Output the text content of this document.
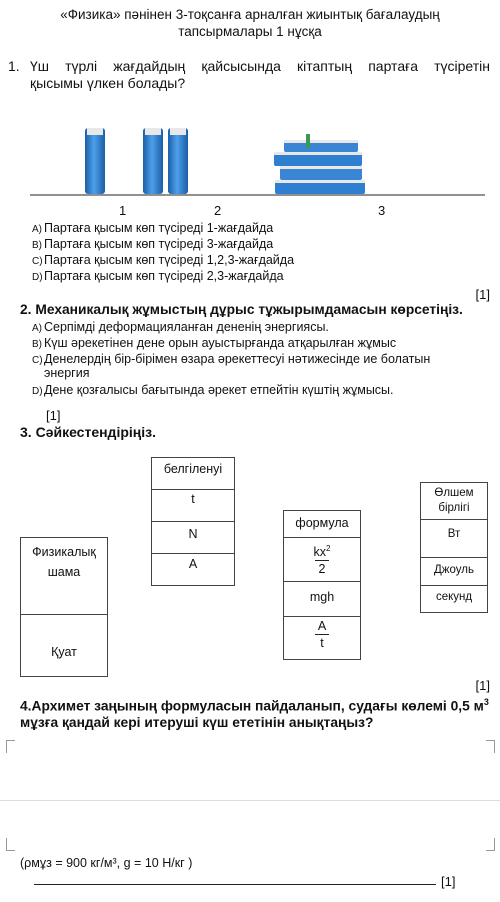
«Физика» пәнінен 3-тоқсанға арналған жиынтық бағалаудың
тапсырмалары 1 нұсқа
1. Үш түрлі жағдайдың қайсысында кітаптың партаға түсіретін
қысымы үлкен болады?
1	2	3
A) Партаға қысым көп түсіреді 1-жағдайда
B) Партаға қысым көп түсіреді 3-жағдайда
C)Партаға қысым көп түсіреді 1,2,3-жағдайда
D)Партаға қысым көп түсіреді 2,3-жағдайда
[1]
2. Механикалық жұмыстың дұрыс тұжырымдамасын көрсетіңіз.
A) Серпімді деформацияланған дененің энергиясы.
B) Күш әрекетінен дене орын ауыстырғанда атқарылған жұмыс
C)Денелердің бір-бірімен өзара әрекеттесуі нәтижесінде ие болатын
энергия
D)Дене қозғалысы бағытында әрекет етпейтін күштің жұмысы.
[1]
3. Сәйкестендіріңіз.
белгіленуі
t
N
A
Физикалық
шама
Қуат
формула
$\frac{kx^2}{2}$
mgh
$\frac{A}{t}$
Өлшем
бірлігі
Вт
Джоуль
секунд
[1]
4.Архимет заңының формуласын пайдаланып, судағы көлемі 0,5 $м^3$
мұзға қандай кері итеруші күш ететінін анықтаңыз?
(ρмұз = 900 кг/м³, g = 10 Н/кг )
[1]
